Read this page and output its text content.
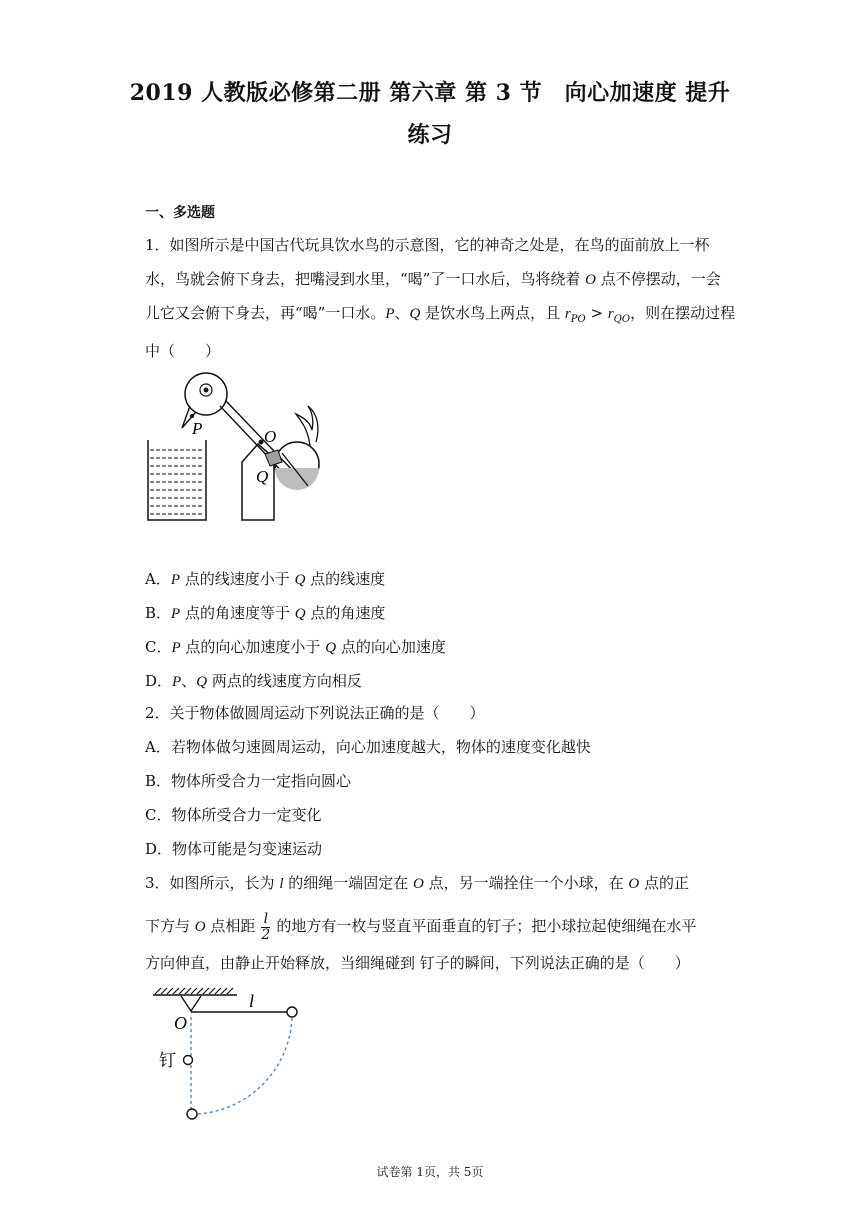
2019 人教版必修第二册 第六章 第 3 节　向心加速度 提升
练习
一、多选题
1．如图所示是中国古代玩具饮水鸟的示意图，它的神奇之处是，在鸟的面前放上一杯
水，鸟就会俯下身去，把嘴浸到水里，“喝”了一口水后，鸟将绕着 O 点不停摆动，一会
儿它又会俯下身去，再“喝”一口水。P、Q 是饮水鸟上两点，且 $r_{PO} > r_{QO}$，则在摆动过程
中（　　）
P	O
Q
A．P 点的线速度小于 Q 点的线速度
B．P 点的角速度等于 Q 点的角速度
C．P 点的向心加速度小于 Q 点的向心加速度
D．P、Q 两点的线速度方向相反
2．关于物体做圆周运动下列说法正确的是（　　）
A．若物体做匀速圆周运动，向心加速度越大，物体的速度变化越快
B．物体所受合力一定指向圆心
C．物体所受合力一定变化
D．物体可能是匀变速运动
3．如图所示，长为 l 的细绳一端固定在 O 点，另一端拴住一个小球，在 O 点的正
下方与 O 点相距 $\frac{l}{2}$ 的地方有一枚与竖直平面垂直的钉子；把小球拉起使细绳在水平
方向伸直，由静止开始释放，当细绳碰到 钉子的瞬间，下列说法正确的是（　　）
O
l
钉
试卷第 1页，共 5页
